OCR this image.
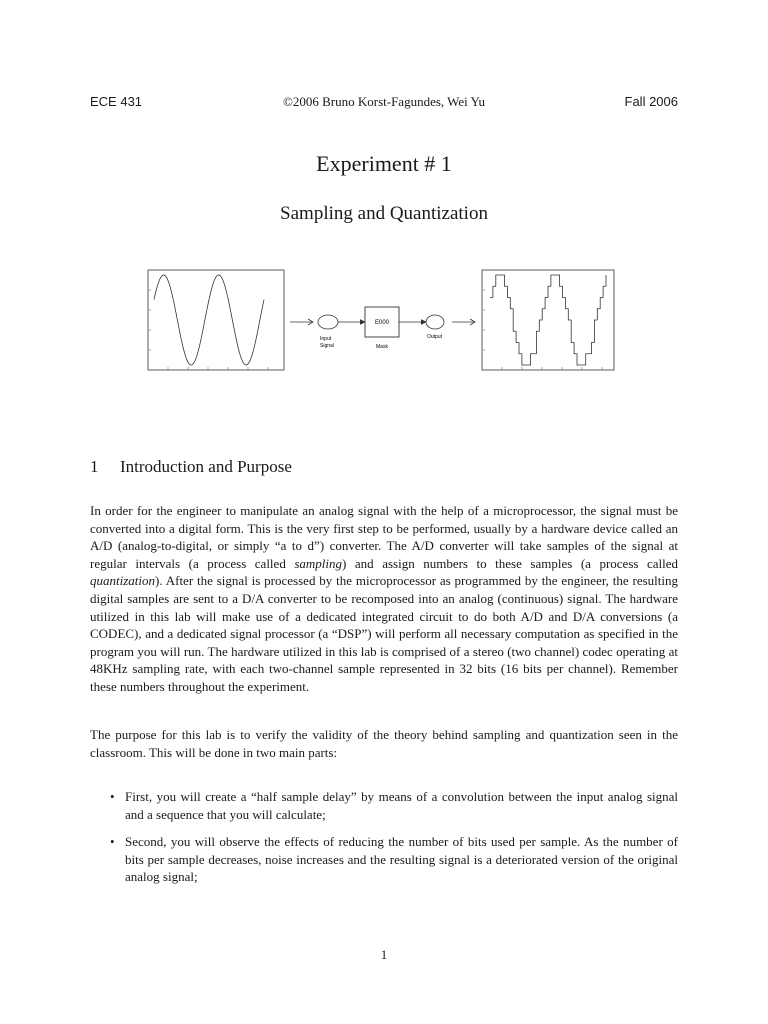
ECE 431	©2006 Bruno Korst-Fagundes, Wei Yu	Fall 2006
Experiment # 1
Sampling and Quantization
Input
Signal
E000
Mask
Output
1 Introduction and Purpose
In order for the engineer to manipulate an analog signal with the help of a microprocessor, the signal must be converted into a digital form. This is the very first step to be performed, usually by a hardware device called an A/D (analog-to-digital, or simply “a to d”) converter. The A/D converter will take samples of the signal at regular intervals (a process called sampling) and assign numbers to these samples (a process called quantization). After the signal is processed by the microprocessor as programmed by the engineer, the resulting digital samples are sent to a D/A converter to be recomposed into an analog (continuous) signal. The hardware utilized in this lab will make use of a dedicated integrated circuit to do both A/D and D/A conversions (a CODEC), and a dedicated signal processor (a “DSP”) will perform all necessary computation as specified in the program you will run. The hardware utilized in this lab is comprised of a stereo (two channel) codec operating at 48KHz sampling rate, with each two-channel sample represented in 32 bits (16 bits per channel). Remember these numbers throughout the experiment.
The purpose for this lab is to verify the validity of the theory behind sampling and quantization seen in the classroom. This will be done in two main parts:
• First, you will create a “half sample delay” by means of a convolution between the input analog signal and a sequence that you will calculate;
• Second, you will observe the effects of reducing the number of bits used per sample. As the number of bits per sample decreases, noise increases and the resulting signal is a deteriorated version of the original analog signal;
1
